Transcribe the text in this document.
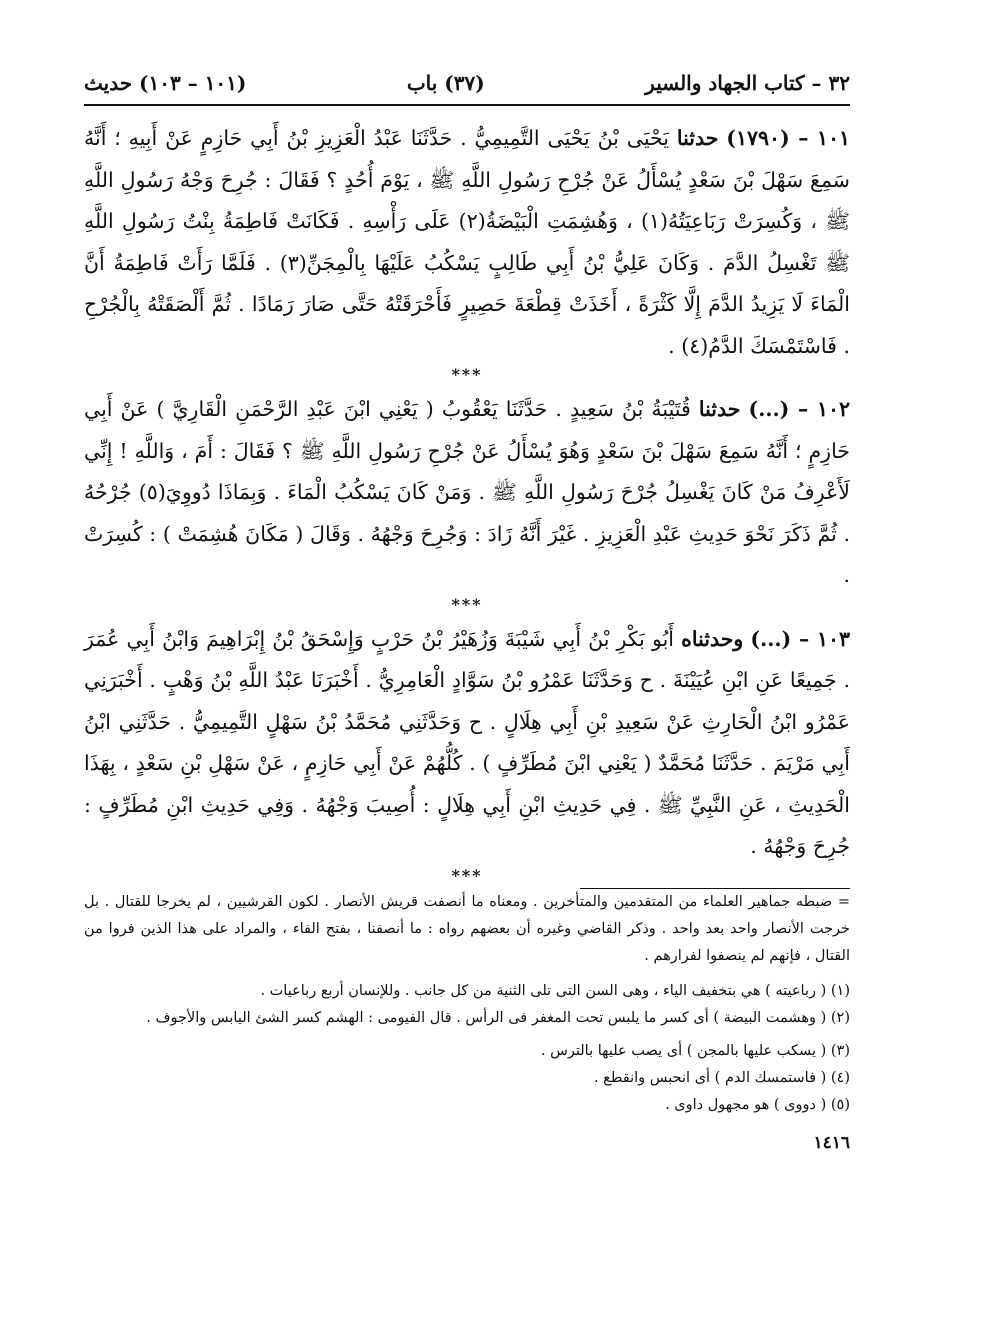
٣٢ – كتاب الجهاد والسير
(٣٧) باب
(١٠١ – ١٠٣) حديث
١٠١ – (١٧٩٠) حدثنا يَحْيَى بْنُ يَحْيَى التَّمِيمِيُّ . حَدَّثَنَا عَبْدُ الْعَزِيزِ بْنُ أَبِي حَازِمٍ عَنْ أَبِيهِ ؛ أَنَّهُ سَمِعَ سَهْلَ بْنَ سَعْدٍ يُسْأَلُ عَنْ جُرْحِ رَسُولِ اللَّهِ ﷺ ، يَوْمَ أُحُدٍ ؟ فَقَالَ : جُرِحَ وَجْهُ رَسُولِ اللَّهِ ﷺ ، وَكُسِرَتْ رَبَاعِيَتُهُ(١) ، وَهُشِمَتِ الْبَيْضَةُ(٢) عَلَى رَأْسِهِ . فَكَانَتْ فَاطِمَةُ بِنْتُ رَسُولِ اللَّهِ ﷺ تَغْسِلُ الدَّمَ . وَكَانَ عَلِيُّ بْنُ أَبِي طَالِبٍ يَسْكُبُ عَلَيْهَا بِالْمِجَنِّ(٣) . فَلَمَّا رَأَتْ فَاطِمَةُ أَنَّ الْمَاءَ لَا يَزِيدُ الدَّمَ إِلَّا كَثْرَةً ، أَخَذَتْ قِطْعَةَ حَصِيرٍ فَأَحْرَقَتْهُ حَتَّى صَارَ رَمَادًا . ثُمَّ أَلْصَقَتْهُ بِالْجُرْحِ . فَاسْتَمْسَكَ الدَّمُ(٤) .
***
١٠٢ – (...) حدثنا قُتَيْبَةُ بْنُ سَعِيدٍ . حَدَّثَنَا يَعْقُوبُ ( يَعْنِي ابْنَ عَبْدِ الرَّحْمَنِ الْقَارِيَّ ) عَنْ أَبِي حَازِمٍ ؛ أَنَّهُ سَمِعَ سَهْلَ بْنَ سَعْدٍ وَهُوَ يُسْأَلُ عَنْ جُرْحِ رَسُولِ اللَّهِ ﷺ ؟ فَقَالَ : أَمَ ، وَاللَّهِ ! إِنِّي لَأَعْرِفُ مَنْ كَانَ يَغْسِلُ جُرْحَ رَسُولِ اللَّهِ ﷺ . وَمَنْ كَانَ يَسْكُبُ الْمَاءَ . وَبِمَاذَا دُووِيَ(٥) جُرْحُهُ . ثُمَّ ذَكَرَ نَحْوَ حَدِيثِ عَبْدِ الْعَزِيزِ . غَيْرَ أَنَّهُ زَادَ : وَجُرِحَ وَجْهُهُ . وَقَالَ ( مَكَانَ هُشِمَتْ ) : كُسِرَتْ .
***
١٠٣ – (...) وحدثناه أَبُو بَكْرِ بْنُ أَبِي شَيْبَةَ وَزُهَيْرُ بْنُ حَرْبٍ وَإِسْحَقُ بْنُ إِبْرَاهِيمَ وَابْنُ أَبِي عُمَرَ . جَمِيعًا عَنِ ابْنِ عُيَيْنَةَ . ح وَحَدَّثَنَا عَمْرُو بْنُ سَوَّادٍ الْعَامِرِيُّ . أَخْبَرَنَا عَبْدُ اللَّهِ بْنُ وَهْبٍ . أَخْبَرَنِي عَمْرُو ابْنُ الْحَارِثِ عَنْ سَعِيدِ بْنِ أَبِي هِلَالٍ . ح وَحَدَّثَنِي مُحَمَّدُ بْنُ سَهْلٍ التَّمِيمِيُّ . حَدَّثَنِي ابْنُ أَبِي مَرْيَمَ . حَدَّثَنَا مُحَمَّدٌ ( يَعْنِي ابْنَ مُطَرِّفٍ ) . كُلُّهُمْ عَنْ أَبِي حَازِمٍ ، عَنْ سَهْلِ بْنِ سَعْدٍ ، بِهَذَا الْحَدِيثِ ، عَنِ النَّبِيِّ ﷺ . فِي حَدِيثِ ابْنِ أَبِي هِلَالٍ : أُصِيبَ وَجْهُهُ . وَفِي حَدِيثِ ابْنِ مُطَرِّفٍ : جُرِحَ وَجْهُهُ .
***

= ضبطه جماهير العلماء من المتقدمين والمتأخرين . ومعناه ما أنصفت قريش الأنصار . لكون القرشيين ، لم يخرجا للقتال . بل خرجت الأنصار واحد بعد واحد . وذكر القاضي وغيره أن بعضهم رواه : ما أنصفنا ، بفتح الفاء ، والمراد على هذا الذين فروا من القتال ، فإنهم لم ينصفوا لفرارهم .

(١) ( رباعيته ) هي بتخفيف الياء ، وهى السن التى تلى الثنية من كل جانب . وللإنسان أربع رباعيات .

(٢) ( وهشمت البيضة ) أى كسر ما يلبس تحت المغفر فى الرأس . قال الفيومى : الهشم كسر الشئ اليابس والأجوف .

(٣) ( يسكب عليها بالمجن ) أى يصب عليها بالترس .

(٤) ( فاستمسك الدم ) أى انحبس وانقطع .

(٥) ( دووى ) هو مجهول داوى .

١٤١٦
